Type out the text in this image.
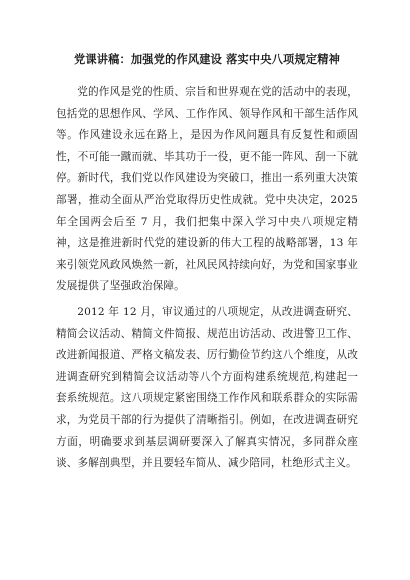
党课讲稿：加强党的作风建设 落实中央八项规定精神

党的作风是党的性质、宗旨和世界观在党的活动中的表现，包括党的思想作风、学风、工作作风、领导作风和干部生活作风等。作风建设永远在路上，是因为作风问题具有反复性和顽固性，不可能一蹴而就、毕其功于一役，更不能一阵风、刮一下就停。新时代，我们党以作风建设为突破口，推出一系列重大决策部署，推动全面从严治党取得历史性成就。党中央决定，2025 年全国两会后至 7 月，我们把集中深入学习中央八项规定精神，这是推进新时代党的建设新的伟大工程的战略部署，13 年来引领党风政风焕然一新，社风民风持续向好，为党和国家事业发展提供了坚强政治保障。

2012 年 12 月，审议通过的八项规定，从改进调查研究、精简会议活动、精简文件简报、规范出访活动、改进警卫工作、改进新闻报道、严格文稿发表、厉行勤俭节约这八个维度，从改进调查研究到精简会议活动等八个方面构建系统规范,构建起一套系统规范。这八项规定紧密围绕工作作风和联系群众的实际需求，为党员干部的行为提供了清晰指引。例如，在改进调查研究方面，明确要求到基层调研要深入了解真实情况，多同群众座谈、多解剖典型，并且要轻车简从、减少陪同，杜绝形式主义。
